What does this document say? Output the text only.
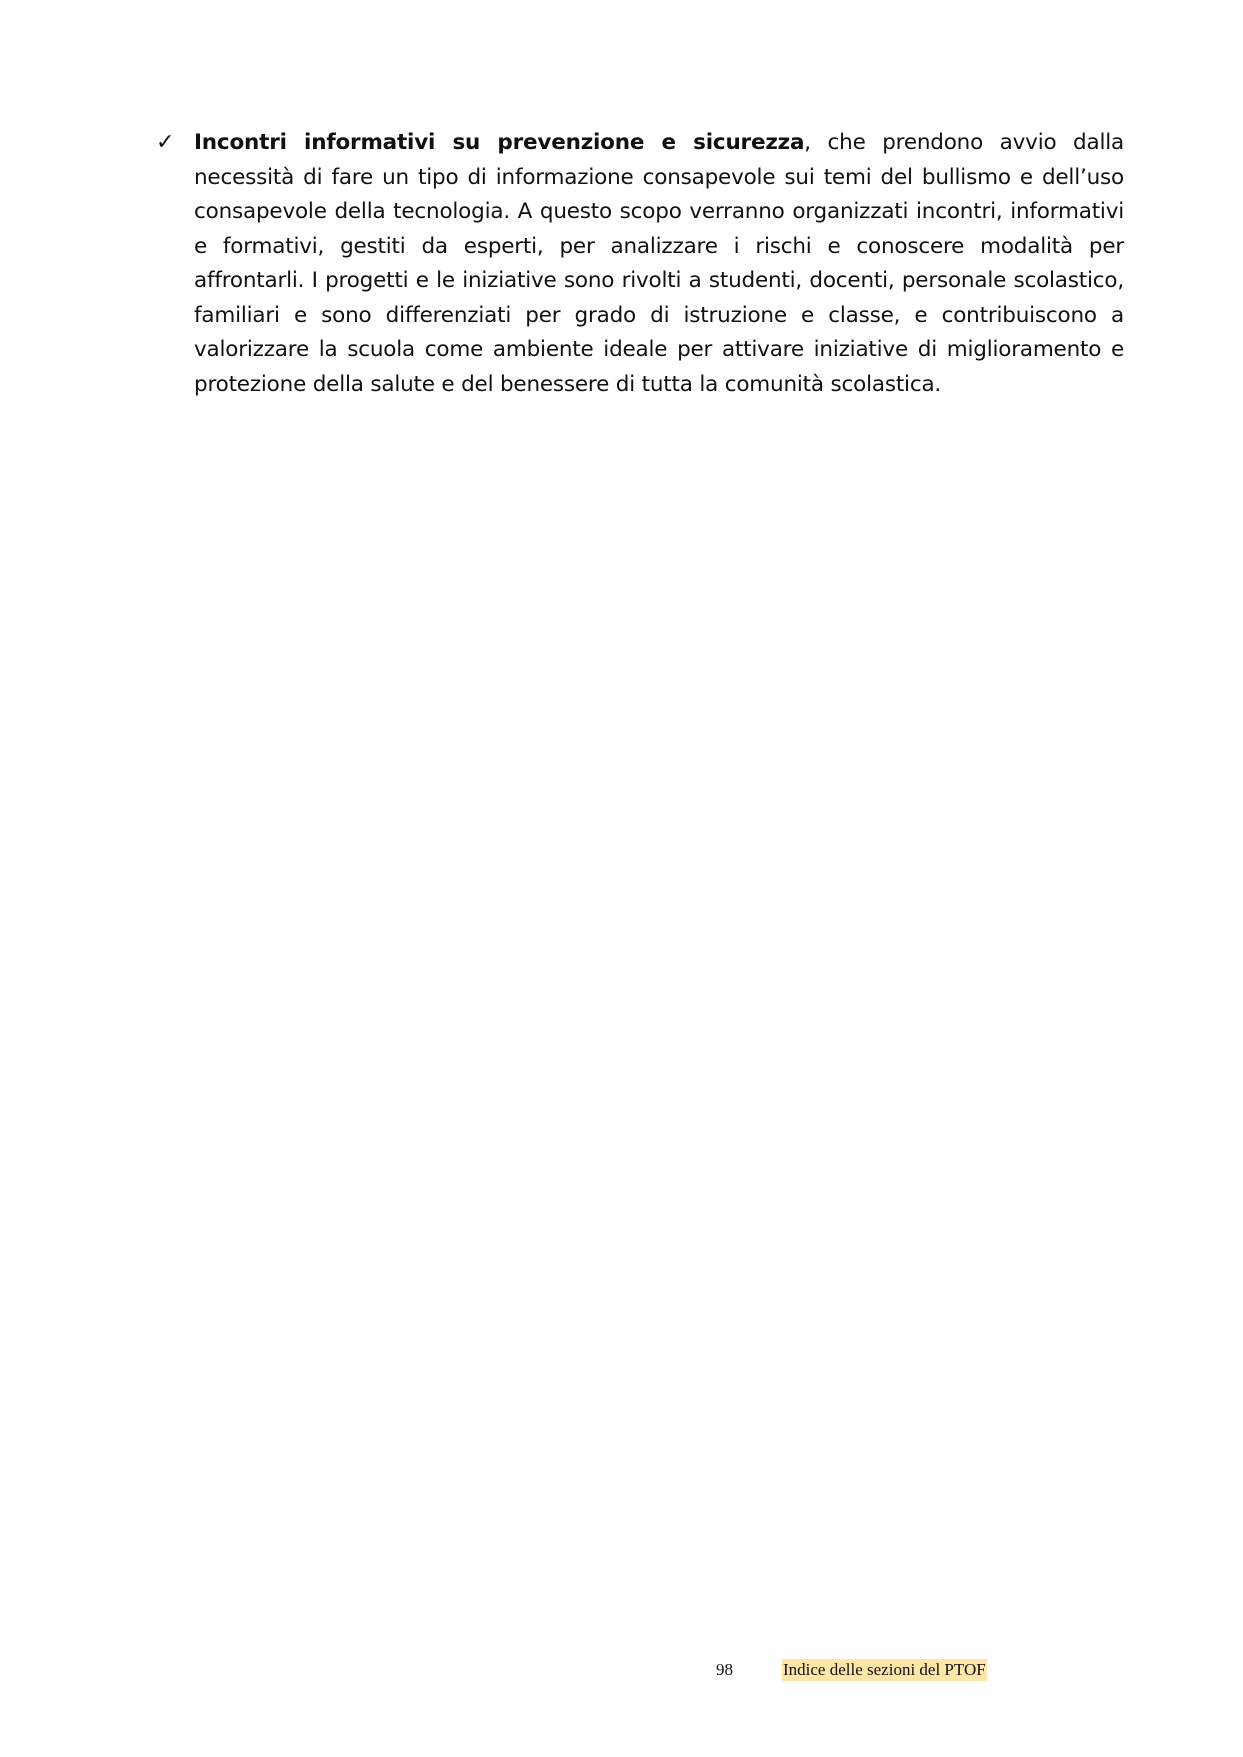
✓ Incontri informativi su prevenzione e sicurezza, che prendono avvio dalla necessità di fare un tipo di informazione consapevole sui temi del bullismo e dell’uso consapevole della tecnologia. A questo scopo verranno organizzati incontri, informativi e formativi, gestiti da esperti, per analizzare i rischi e conoscere modalità per affrontarli. I progetti e le iniziative sono rivolti a studenti, docenti, personale scolastico, familiari e sono differenziati per grado di istruzione e classe, e contribuiscono a valorizzare la scuola come ambiente ideale per attivare iniziative di miglioramento e protezione della salute e del benessere di tutta la comunità scolastica.
98	Indice delle sezioni del PTOF
